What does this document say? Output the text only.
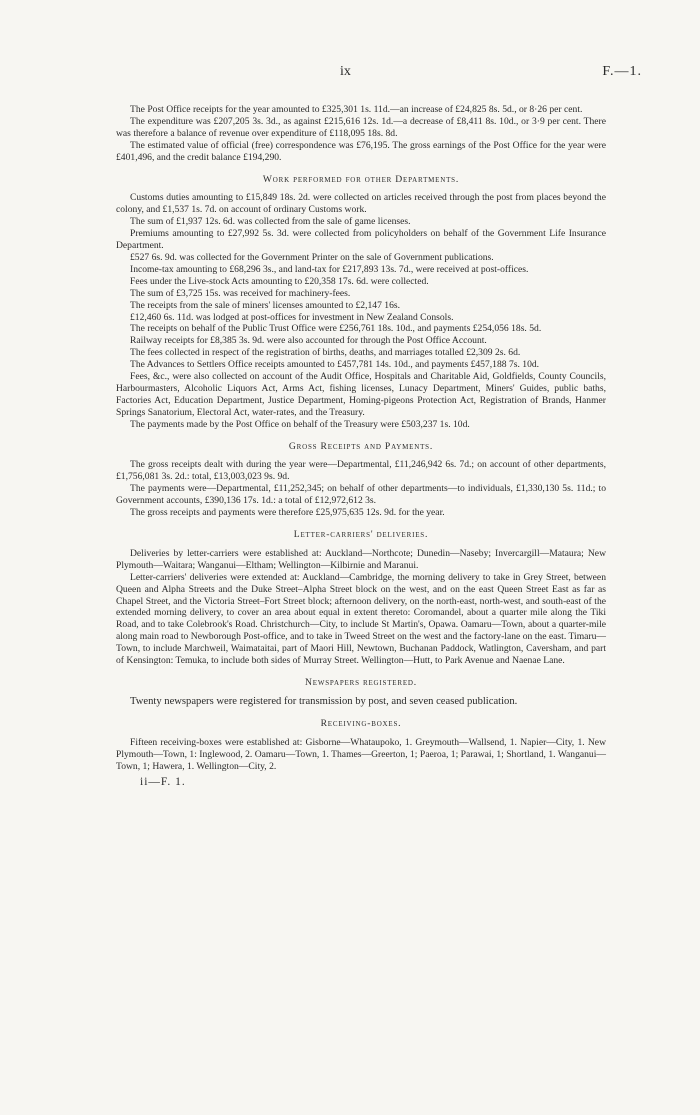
ix	F.—1.

The Post Office receipts for the year amounted to £325,301 1s. 11d.—an increase of £24,825 8s. 5d., or 8·26 per cent.

The expenditure was £207,205 3s. 3d., as against £215,616 12s. 1d.—a decrease of £8,411 8s. 10d., or 3·9 per cent. There was therefore a balance of revenue over expenditure of £118,095 18s. 8d.

The estimated value of official (free) correspondence was £76,195. The gross earnings of the Post Office for the year were £401,496, and the credit balance £194,290.

Work performed for other Departments.

Customs duties amounting to £15,849 18s. 2d. were collected on articles received through the post from places beyond the colony, and £1,537 1s. 7d. on account of ordinary Customs work.

The sum of £1,937 12s. 6d. was collected from the sale of game licenses.

Premiums amounting to £27,992 5s. 3d. were collected from policyholders on behalf of the Government Life Insurance Department.

£527 6s. 9d. was collected for the Government Printer on the sale of Government publications.

Income-tax amounting to £68,296 3s., and land-tax for £217,893 13s. 7d., were received at post-offices.

Fees under the Live-stock Acts amounting to £20,358 17s. 6d. were collected.

The sum of £3,725 15s. was received for machinery-fees.

The receipts from the sale of miners' licenses amounted to £2,147 16s.

£12,460 6s. 11d. was lodged at post-offices for investment in New Zealand Consols.

The receipts on behalf of the Public Trust Office were £256,761 18s. 10d., and payments £254,056 18s. 5d.

Railway receipts for £8,385 3s. 9d. were also accounted for through the Post Office Account.

The fees collected in respect of the registration of births, deaths, and marriages totalled £2,309 2s. 6d.

The Advances to Settlers Office receipts amounted to £457,781 14s. 10d., and payments £457,188 7s. 10d.

Fees, &c., were also collected on account of the Audit Office, Hospitals and Charitable Aid, Goldfields, County Councils, Harbourmasters, Alcoholic Liquors Act, Arms Act, fishing licenses, Lunacy Department, Miners' Guides, public baths, Factories Act, Education Department, Justice Department, Homing-pigeons Protection Act, Registration of Brands, Hanmer Springs Sanatorium, Electoral Act, water-rates, and the Treasury.

The payments made by the Post Office on behalf of the Treasury were £503,237 1s. 10d.

Gross Receipts and Payments.

The gross receipts dealt with during the year were—Departmental, £11,246,942 6s. 7d.; on account of other departments, £1,756,081 3s. 2d.: total, £13,003,023 9s. 9d.

The payments were—Departmental, £11,252,345; on behalf of other departments—to individuals, £1,330,130 5s. 11d.; to Government accounts, £390,136 17s. 1d.: a total of £12,972,612 3s.

The gross receipts and payments were therefore £25,975,635 12s. 9d. for the year.

Letter-carriers' deliveries.

Deliveries by letter-carriers were established at: Auckland—Northcote; Dunedin—Naseby; Invercargill—Mataura; New Plymouth—Waitara; Wanganui—Eltham; Wellington—Kilbirnie and Maranui.

Letter-carriers' deliveries were extended at: Auckland—Cambridge, the morning delivery to take in Grey Street, between Queen and Alpha Streets and the Duke Street–Alpha Street block on the west, and on the east Queen Street East as far as Chapel Street, and the Victoria Street–Fort Street block; afternoon delivery, on the north-east, north-west, and south-east of the extended morning delivery, to cover an area about equal in extent thereto: Coromandel, about a quarter mile along the Tiki Road, and to take Colebrook's Road. Christchurch—City, to include St Martin's, Opawa. Oamaru—Town, about a quarter-mile along main road to Newborough Post-office, and to take in Tweed Street on the west and the factory-lane on the east. Timaru—Town, to include Marchweil, Waimataitai, part of Maori Hill, Newtown, Buchanan Paddock, Watlington, Caversham, and part of Kensington: Temuka, to include both sides of Murray Street. Wellington—Hutt, to Park Avenue and Naenae Lane.

Newspapers registered.

Twenty newspapers were registered for transmission by post, and seven ceased publication.

Receiving-boxes.

Fifteen receiving-boxes were established at: Gisborne—Whataupoko, 1. Greymouth—Wallsend, 1. Napier—City, 1. New Plymouth—Town, 1: Inglewood, 2. Oamaru—Town, 1. Thames—Greerton, 1; Paeroa, 1; Parawai, 1; Shortland, 1. Wanganui—Town, 1; Hawera, 1. Wellington—City, 2.

ii—F. 1.
